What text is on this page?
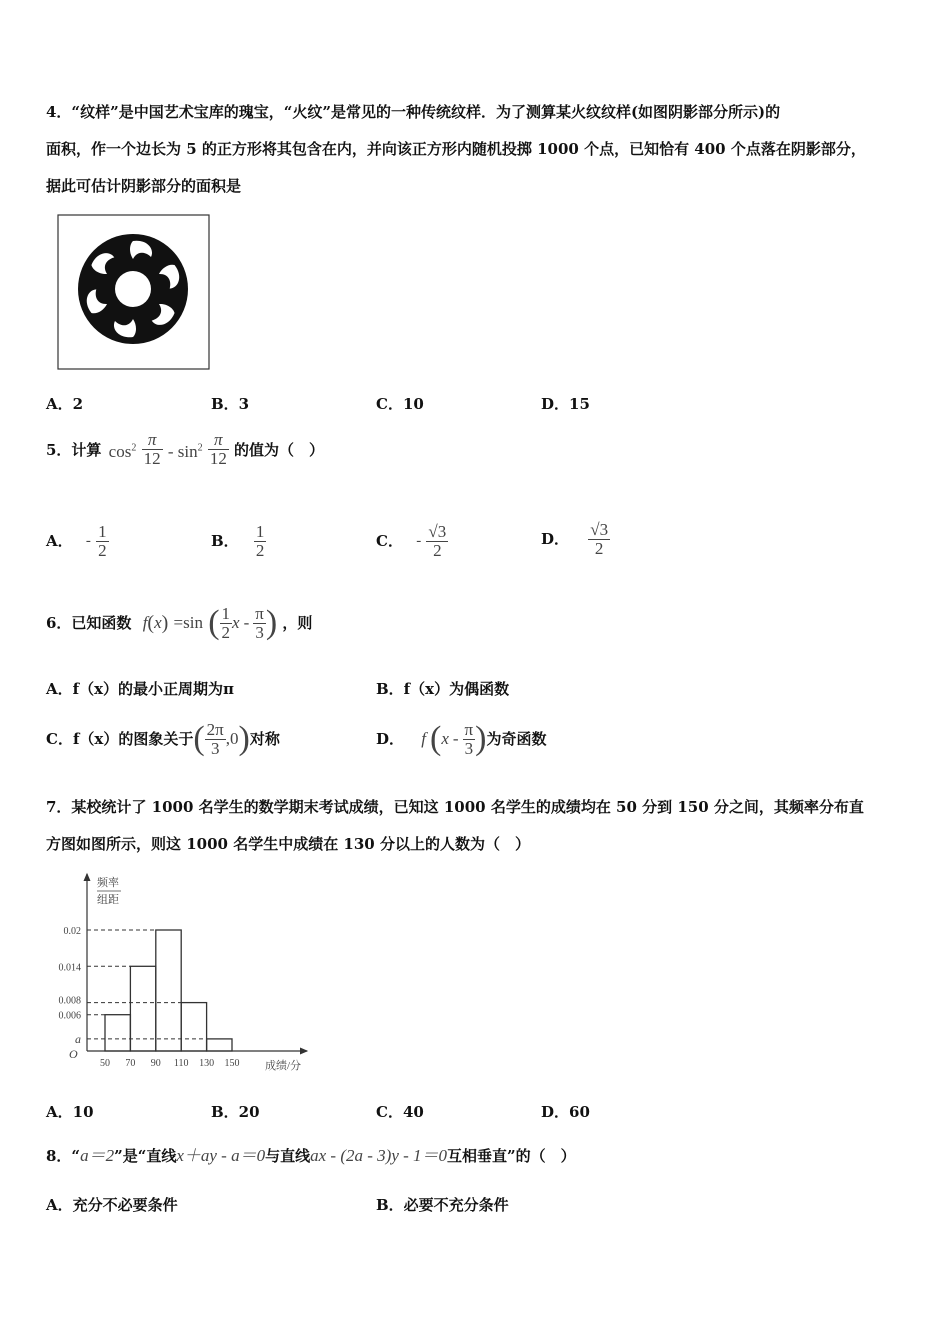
4．“纹样”是中国艺术宝库的瑰宝，“火纹”是常见的一种传统纹样．为了测算某火纹纹样(如图阴影部分所示)的
面积，作一个边长为 5 的正方形将其包含在内，并向该正方形内随机投掷 1000 个点，已知恰有 400 个点落在阴影部分，
据此可估计阴影部分的面积是
A．2	B．3	C．10	D．15
5．计算 $\cos^2 \frac{\pi}{12} - \sin^2 \frac{\pi}{12}$ 的值为（　）
A． - $\frac{1}{2}$	B． $\frac{1}{2}$	C． - $\frac{√3}{2}$	D． $\frac{√3}{2}$
6．已知函数 f(x) =sin ( $\frac{1}{2}$ x - $\frac{\pi}{3}$ ) ，则
A．f（x）的最小正周期为π	B．f（x）为偶函数
C．f（x）的图象关于( $\frac{2\pi}{3} ,0$)对称	D． f ($x - \frac{\pi}{3}$ )为奇函数
7．某校统计了 1000 名学生的数学期末考试成绩，已知这 1000 名学生的成绩均在 50 分到 150 分之间，其频率分布直
方图如图所示，则这 1000 名学生中成绩在 130 分以上的人数为（　）
频率
组距
成绩/分
O
50 70 90 110 130 150
0.02
0.014
0.008
0.006
a
A．10	B．20	C．40	D．60
8．“a＝2”是“直线x＋ay - a＝0与直线ax - (2a - 3)y - 1＝0互相垂直”的（　）
A．充分不必要条件	B．必要不充分条件
